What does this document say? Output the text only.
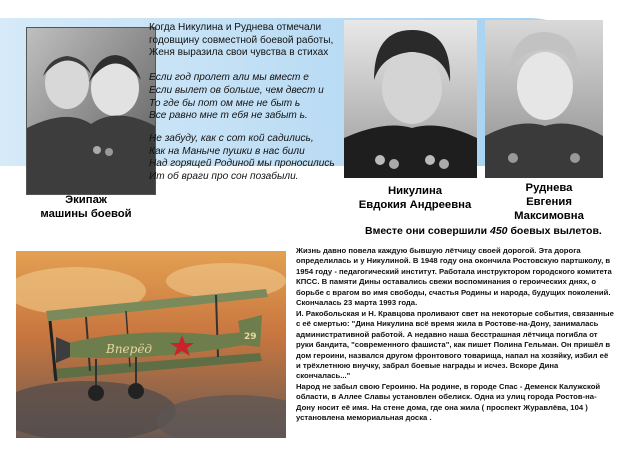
Когда Никулина и Руднева отмечали

годовщину совместной боевой работы,

Женя выразила свои чувства в стихах

Если год пролет али мы вмест е

Если вылет ов больше, чем двест и

То где бы пот ом мне не быт ь

Все равно мне т ебя не забыт ь.

Не забуду, как с сот кой садились,

Как на Маныче пушки в нас били

Над горящей Родиной мы проносились

Ит об враги про сон позабыли.

Экипаж
машины боевой
Никулина
Евдокия Андреевна
Руднева
Евгения
Максимовна
Вместе они совершили 450 боевых вылетов.
Вперёд
29

Жизнь давно повела каждую бывшую лётчицу своей дорогой. Эта дорога определилась и у Никулиной. В 1948 году она окончила Ростовскую партшколу, в 1954 году - педагогический институт. Работала инструктором городского комитета КПСС. В памяти Дины оставались свежи воспоминания о героических днях, о борьбе с врагом во имя свободы, счастья Родины и народа, будущих поколений. Скончалась 23 марта 1993 года.

И. Ракобольская и Н. Кравцова проливают свет на некоторые события, связанные с её смертью: "Дина Никулина всё время жила в Ростове-на-Дону, занималась административной работой. А недавно наша бесстрашная лётчица погибла от руки бандита, "современного фашиста", как пишет Полина Гельман. Он пришёл в дом героини, назвался другом фронтового товарища, напал на хозяйку, избил её и трёхлетнюю внучку, забрал боевые награды и исчез. Вскоре Дина скончалась..."

Народ не забыл свою Героиню. На родине, в городе Спас - Деменск Калужской области, в Аллее Славы установлен обелиск. Одна из улиц города Ростов-на-Дону носит её имя. На стене дома, где она жила ( проспект Журавлёва, 104 ) установлена мемориальная доска .
